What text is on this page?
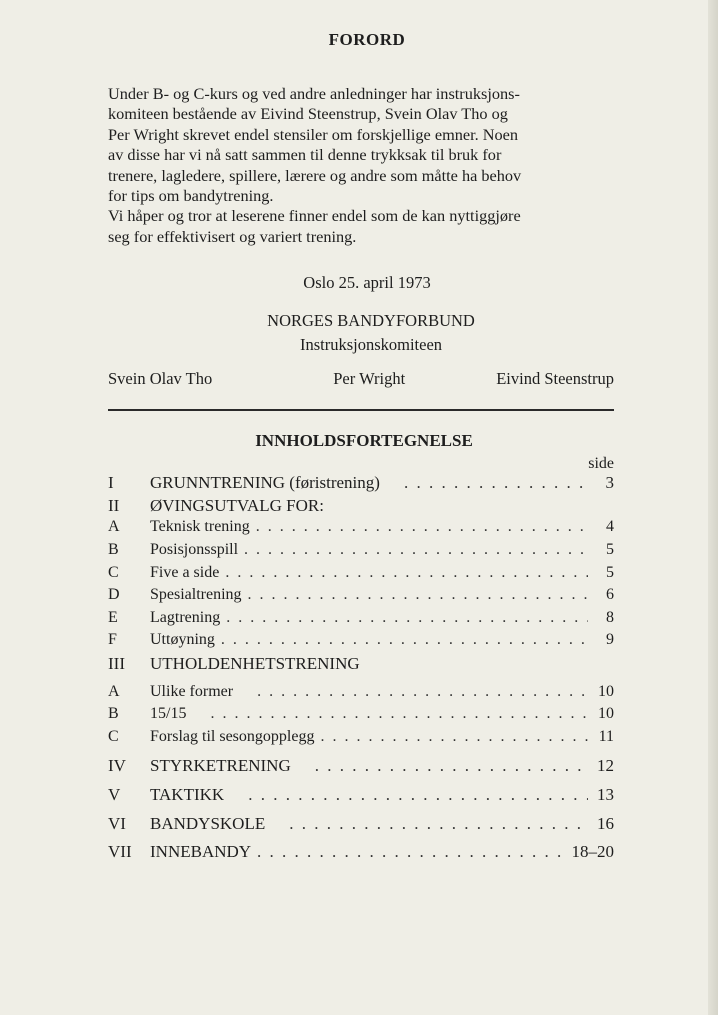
FORORD

Under B- og C-kurs og ved andre anledninger har instruksjons-

komiteen bestående av Eivind Steenstrup, Svein Olav Tho og

Per Wright skrevet endel stensiler om forskjellige emner. Noen

av disse har vi nå satt sammen til denne trykksak til bruk for

trenere, lagledere, spillere, lærere og andre som måtte ha behov

for tips om bandytrening.

Vi håper og tror at leserene finner endel som de kan nyttiggjøre

seg for effektivisert og variert trening.

Oslo 25. april 1973
NORGES BANDYFORBUND
Instruksjonskomiteen
Svein Olav Tho	Per Wright	Eivind Steenstrup
INNHOLDSFORTEGNELSE
side
I	GRUNNTRENING (føristrening) . . .	3
II	ØVINGSUTVALG FOR:
A	Teknisk trening . . .	4
B	Posisjonsspill . . .	5
C	Five a side . . .	5
D	Spesialtrening . . .	6
E	Lagtrening . . .	8
F	Uttøyning . . .	9
III	UTHOLDENHETSTRENING
A	Ulike former . . .	10
B	15/15 . . .	10
C	Forslag til sesongopplegg . . .	11
IV	STYRKETRENING . . .	12
V	TAKTIKK . . .	13
VI	BANDYSKOLE . . .	16
VII	INNEBANDY . . .	18–20
